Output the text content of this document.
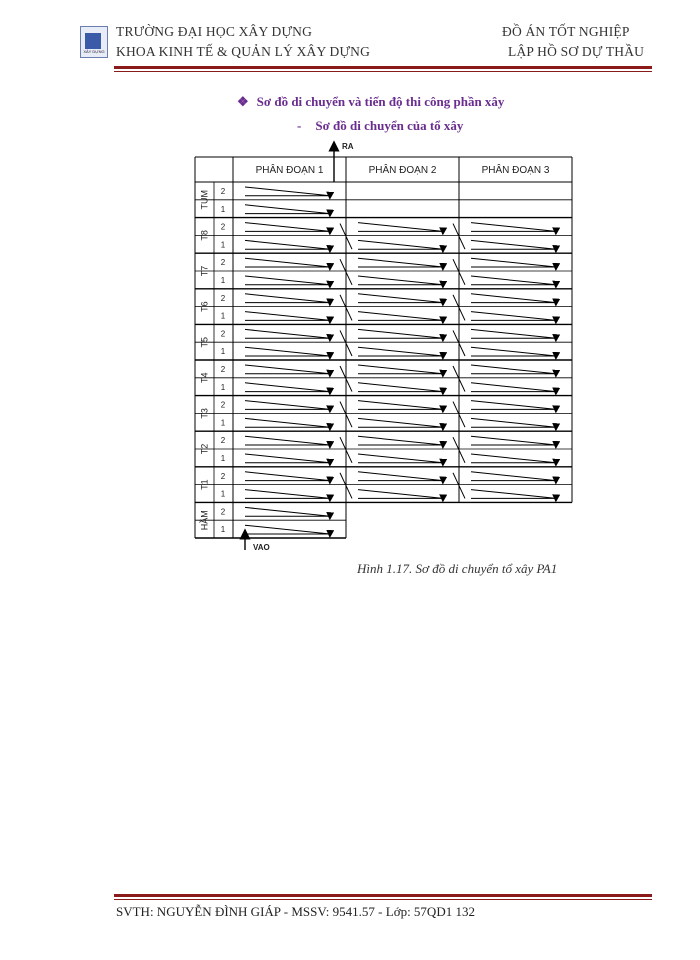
XÂY DỰNG
TRƯỜNG ĐẠI HỌC XÂY DỰNG
KHOA KINH TẾ & QUẢN LÝ XÂY DỰNG
ĐỒ ÁN TỐT NGHIỆP
LẬP HỒ SƠ DỰ THẦU
❖ Sơ đồ di chuyển và tiến độ thi công phần xây
- Sơ đồ di chuyển của tổ xây
PHÂN ĐOẠN 1	PHÂN ĐOẠN 2	PHÂN ĐOẠN 3
TUM 2
1
T8
2
1
T7
2
1
T6
2
1
T5
2
1
T4
2
1
T3
2
1
T2
2
1
T1
2
1
HẦM 2
1
RA
VAO
Hình 1.17. Sơ đồ di chuyển tổ xây PA1
SVTH: NGUYỄN ĐÌNH GIÁP - MSSV: 9541.57 - Lớp: 57QD1 132
